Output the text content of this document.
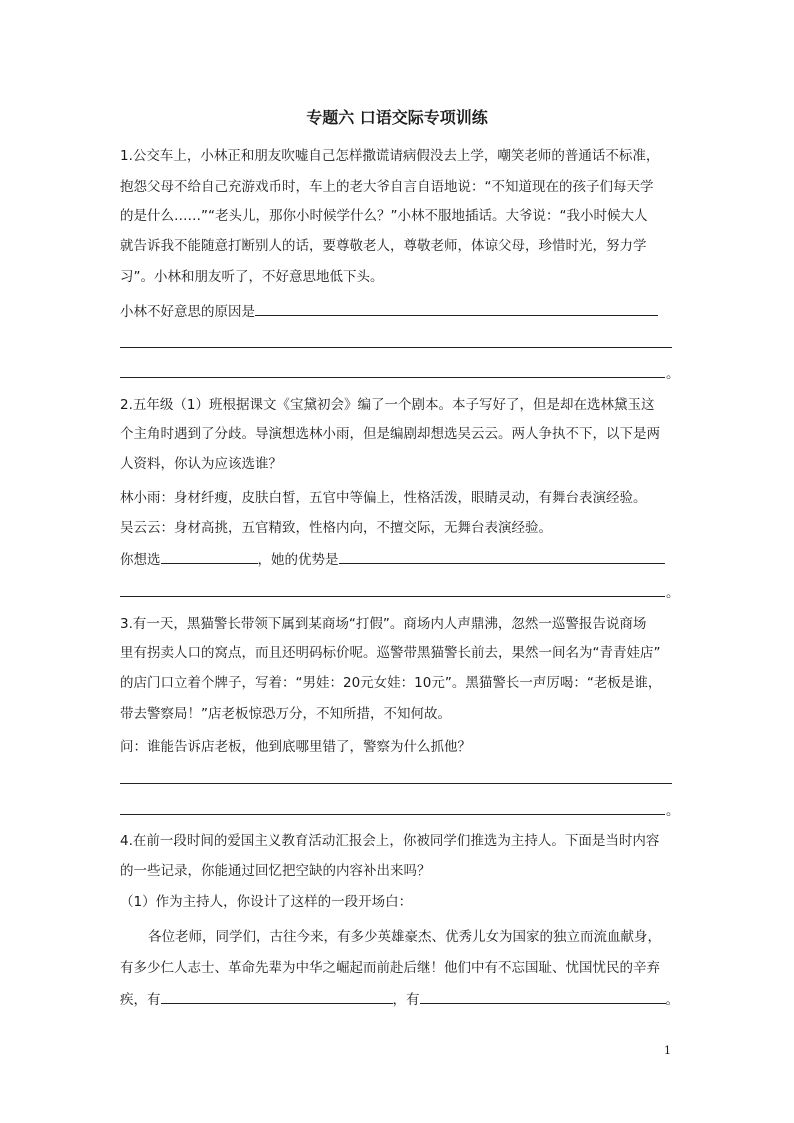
专题六 口语交际专项训练
1.公交车上，小林正和朋友吹嘘自己怎样撒谎请病假没去上学，嘲笑老师的普通话不标准，
抱怨父母不给自己充游戏币时，车上的老大爷自言自语地说：“不知道现在的孩子们每天学
的是什么……”“老头儿，那你小时候学什么？”小林不服地插话。大爷说：“我小时候大人
就告诉我不能随意打断别人的话，要尊敬老人，尊敬老师，体谅父母，珍惜时光，努力学
习”。小林和朋友听了，不好意思地低下头。
小林不好意思的原因是
。
2.五年级（1）班根据课文《宝黛初会》编了一个剧本。本子写好了，但是却在选林黛玉这
个主角时遇到了分歧。导演想选林小雨，但是编剧却想选吴云云。两人争执不下，以下是两
人资料，你认为应该选谁？
林小雨：身材纤瘦，皮肤白皙，五官中等偏上，性格活泼，眼睛灵动，有舞台表演经验。
吴云云：身材高挑，五官精致，性格内向，不擅交际，无舞台表演经验。
你想选	，她的优势是
。
3.有一天，黑猫警长带领下属到某商场“打假”。商场内人声鼎沸，忽然一巡警报告说商场
里有拐卖人口的窝点，而且还明码标价呢。巡警带黑猫警长前去，果然一间名为“青青娃店”
的店门口立着个牌子，写着：“男娃：20元女娃：10元”。黑猫警长一声厉喝：“老板是谁，
带去警察局！”店老板惊恐万分，不知所措，不知何故。
问：谁能告诉店老板，他到底哪里错了，警察为什么抓他？
。
4.在前一段时间的爱国主义教育活动汇报会上，你被同学们推选为主持人。下面是当时内容
的一些记录，你能通过回忆把空缺的内容补出来吗？
（1）作为主持人，你设计了这样的一段开场白：
各位老师，同学们，古往今来，有多少英雄豪杰、优秀儿女为国家的独立而流血献身，
有多少仁人志士、革命先辈为中华之崛起而前赴后继！他们中有不忘国耻、忧国忧民的辛弃
疾，有	，有	。
1
